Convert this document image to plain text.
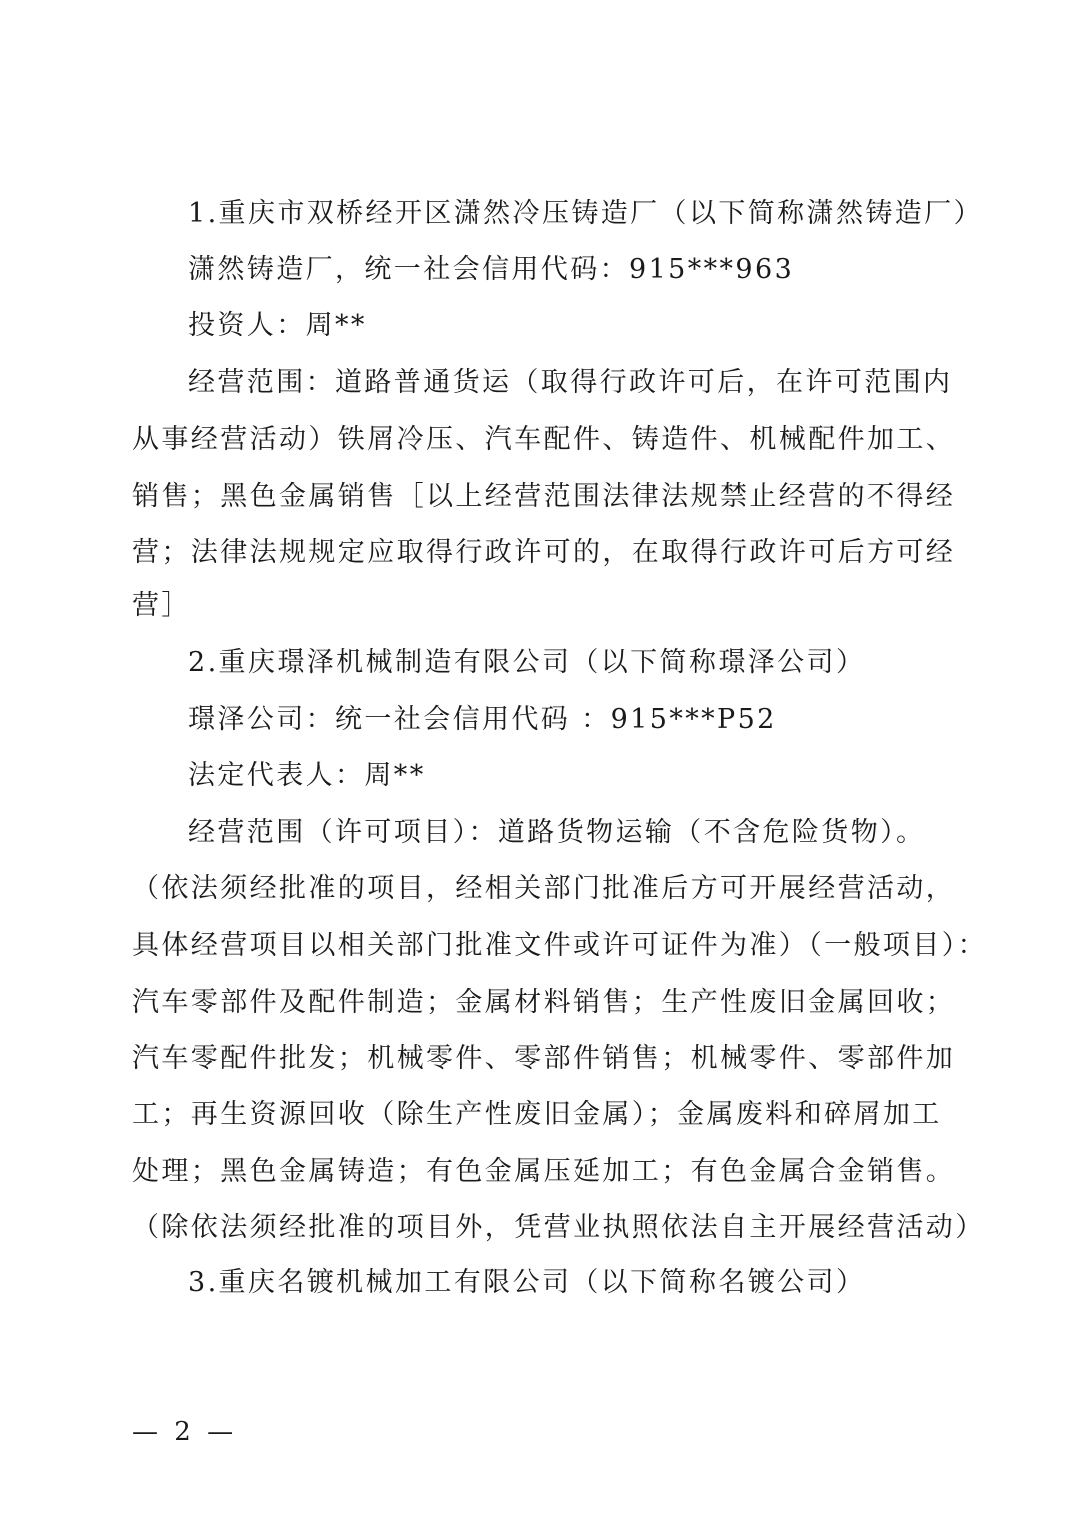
1.重庆市双桥经开区潇然冷压铸造厂（以下简称潇然铸造厂）
潇然铸造厂，统一社会信用代码：915***963
投资人：周**
经营范围：道路普通货运（取得行政许可后，在许可范围内
从事经营活动）铁屑冷压、汽车配件、铸造件、机械配件加工、
销售；黑色金属销售［以上经营范围法律法规禁止经营的不得经
营；法律法规规定应取得行政许可的，在取得行政许可后方可经
营］
2.重庆璟泽机械制造有限公司（以下简称璟泽公司）
璟泽公司：统一社会信用代码 ：915***P52
法定代表人：周**
经营范围（许可项目）：道路货物运输（不含危险货物）。
（依法须经批准的项目，经相关部门批准后方可开展经营活动，
具体经营项目以相关部门批准文件或许可证件为准）（一般项目）：
汽车零部件及配件制造；金属材料销售；生产性废旧金属回收；
汽车零配件批发；机械零件、零部件销售；机械零件、零部件加
工；再生资源回收（除生产性废旧金属）；金属废料和碎屑加工
处理；黑色金属铸造；有色金属压延加工；有色金属合金销售。
（除依法须经批准的项目外，凭营业执照依法自主开展经营活动）
3.重庆名镀机械加工有限公司（以下简称名镀公司）
— 2 —
